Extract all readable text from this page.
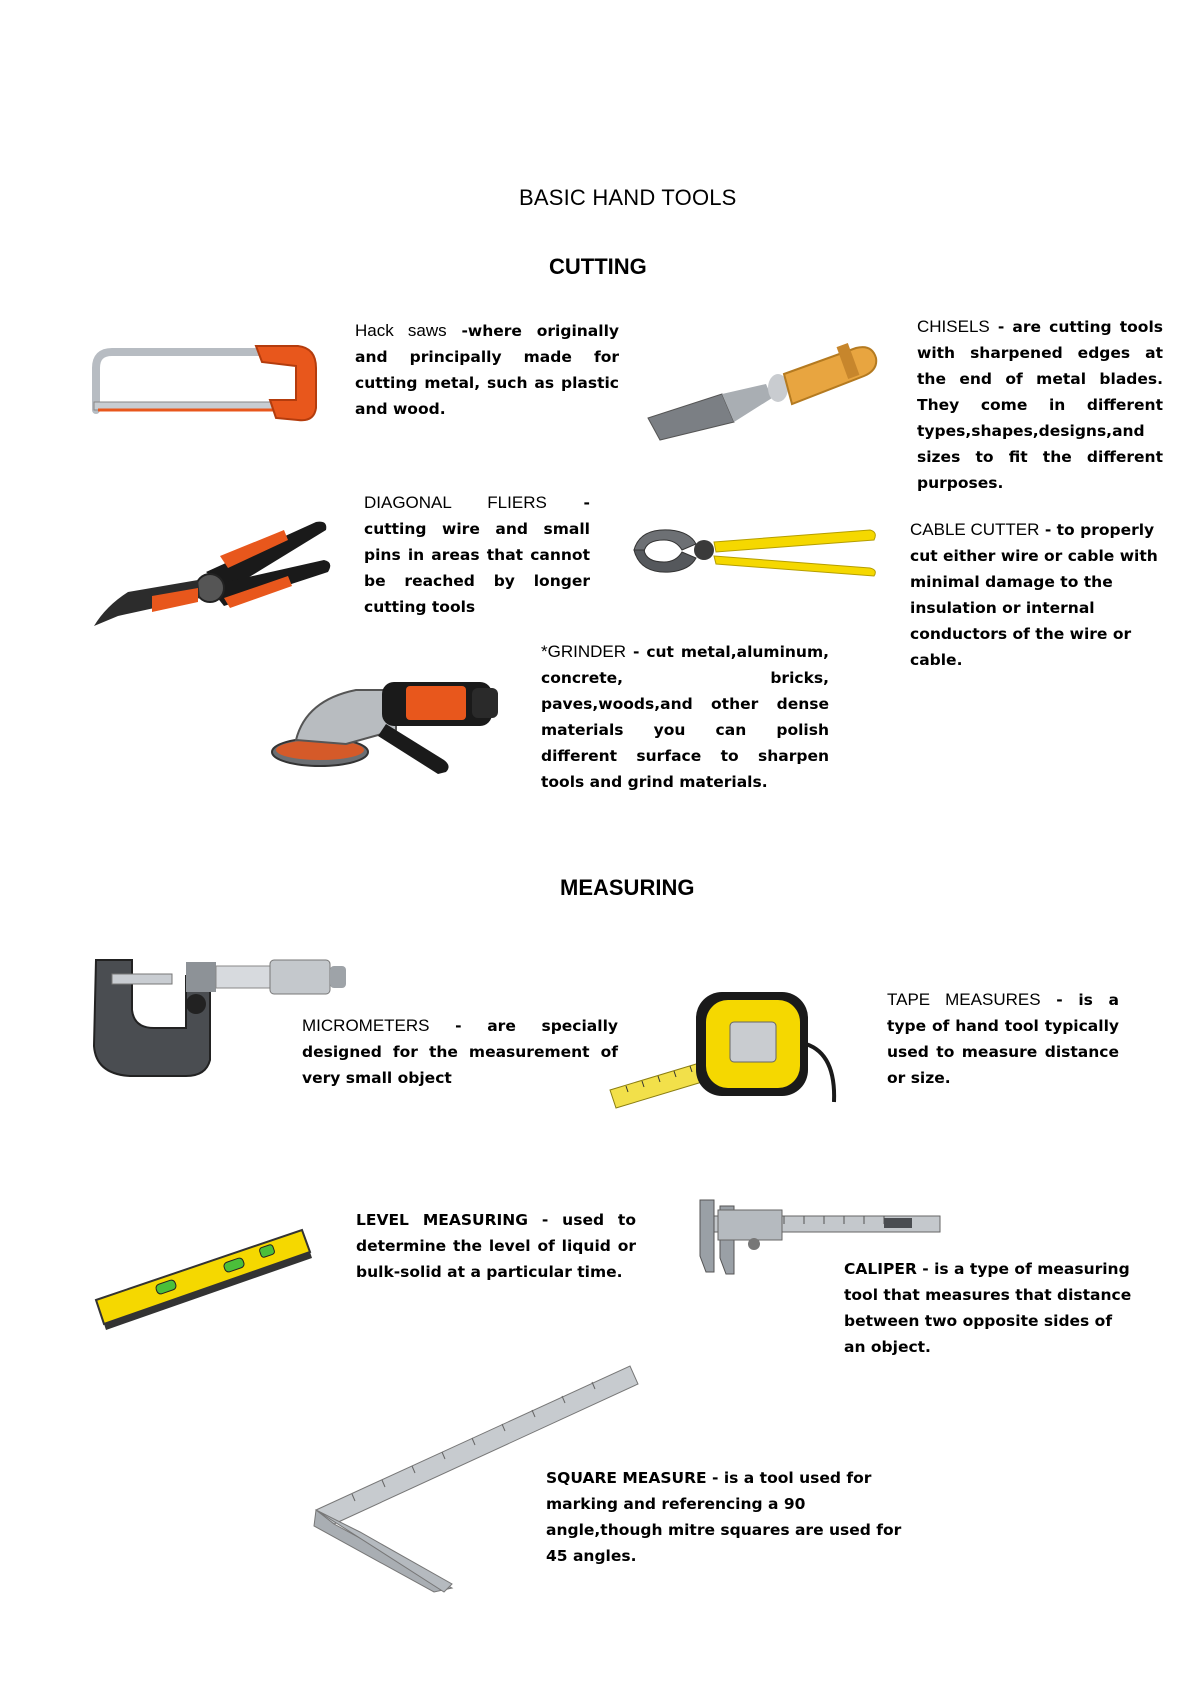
BASIC HAND TOOLS
CUTTING
Hack saws -where originally and principally made for cutting metal, such as plastic and wood.
CHISELS - are cutting tools with sharpened edges at the end of metal blades. They come in different types,shapes,designs,and sizes to fit the different purposes.
DIAGONAL FLIERS - cutting wire and small pins in areas that cannot be reached by longer cutting tools
CABLE CUTTER - to properly cut either wire or cable with minimal damage to the insulation or internal conductors of the wire or cable.
*GRINDER - cut metal,aluminum, concrete, bricks, paves,woods,and other dense materials you can polish different surface to sharpen tools and grind materials.
MEASURING
MICROMETERS - are specially designed for the measurement of very small object
TAPE MEASURES - is a type of hand tool typically used to measure distance or size.
LEVEL MEASURING - used to determine the level of liquid or bulk-solid at a particular time.	CALIPER - is a type of measuring tool that measures that distance between two opposite sides of an object.
SQUARE MEASURE - is a tool used for marking and referencing a 90 angle,though mitre squares are used for 45 angles.
